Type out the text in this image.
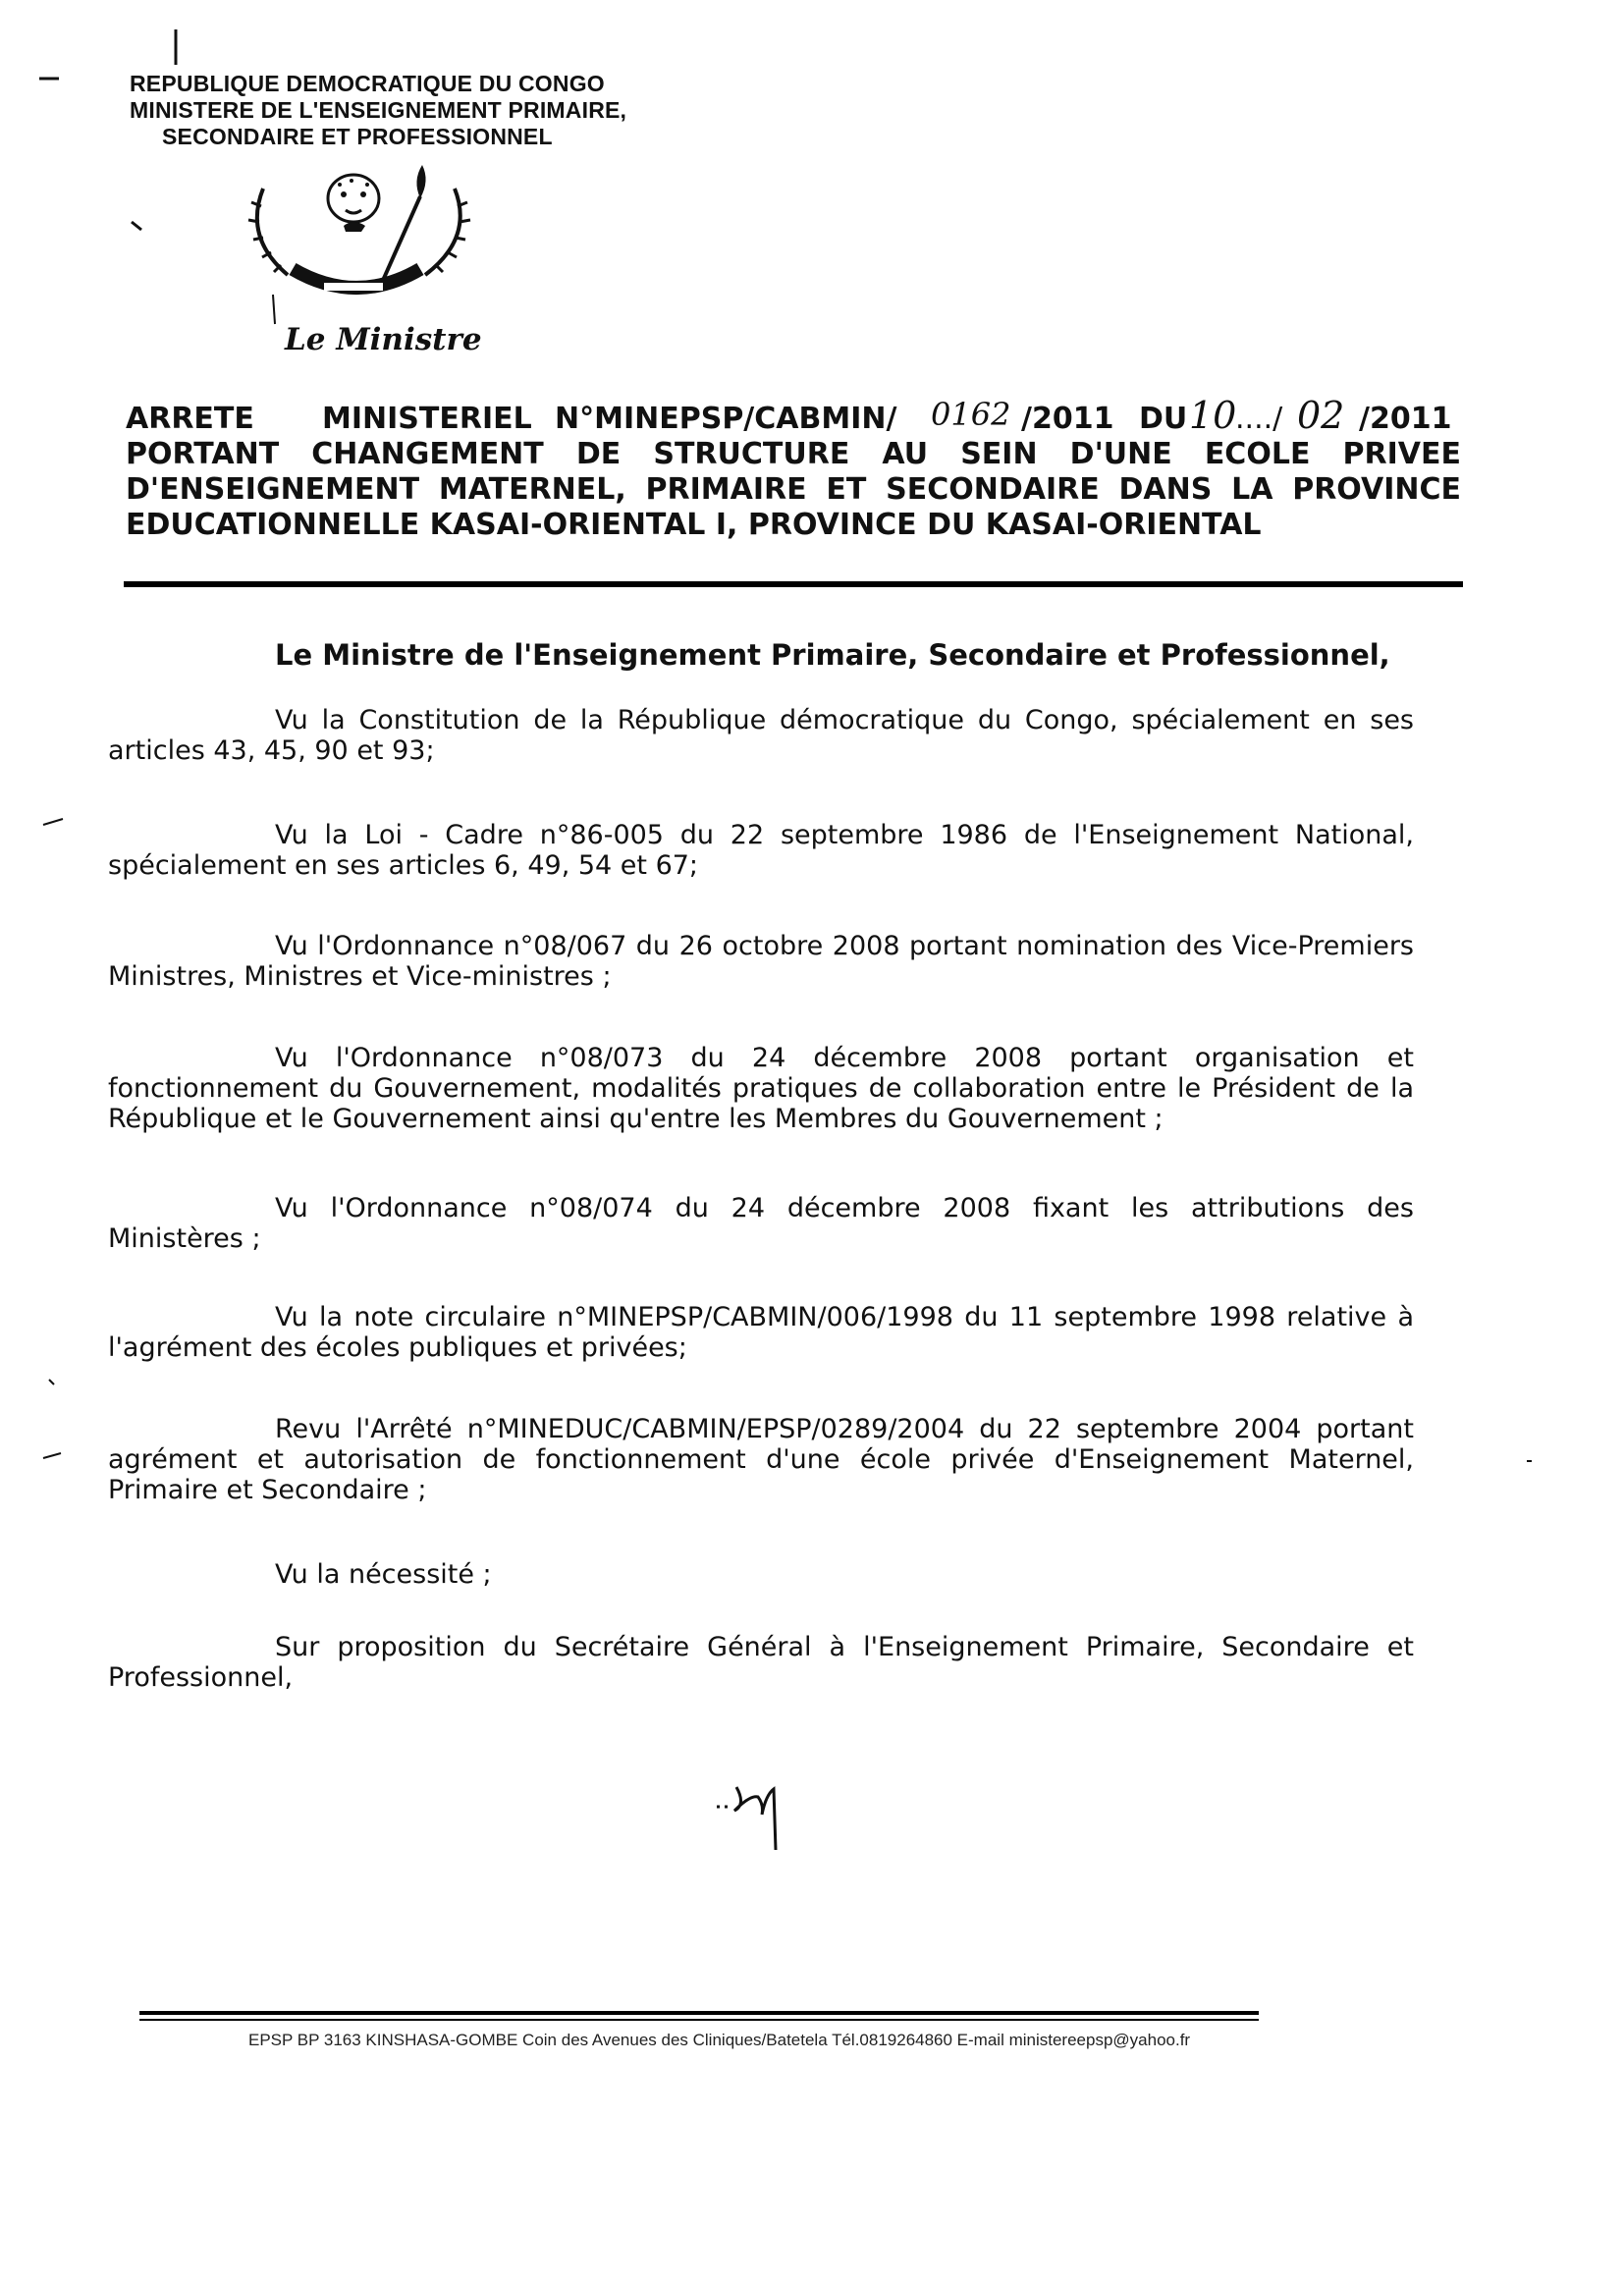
REPUBLIQUE DEMOCRATIQUE DU CONGO
MINISTERE DE L'ENSEIGNEMENT PRIMAIRE,
SECONDAIRE ET PROFESSIONNEL
Le Ministre
ARRETE MINISTERIEL N°MINEPSP/CABMIN/ 0162 /2011 DU 10
..../ 02 /2011
PORTANT CHANGEMENT DE STRUCTURE AU SEIN D'UNE ECOLE PRIVEE
D'ENSEIGNEMENT MATERNEL, PRIMAIRE ET SECONDAIRE DANS LA PROVINCE
EDUCATIONNELLE KASAI-ORIENTAL I, PROVINCE DU KASAI-ORIENTAL
Le Ministre de l'Enseignement Primaire, Secondaire et Professionnel,
Vu la Constitution de la République démocratique du Congo, spécialement en ses articles 43, 45, 90 et 93;
Vu la Loi - Cadre n°86-005 du 22 septembre 1986 de l'Enseignement National, spécialement en ses articles 6, 49, 54 et 67;
Vu l'Ordonnance n°08/067 du 26 octobre 2008 portant nomination des Vice-Premiers Ministres, Ministres et Vice-ministres ;
Vu l'Ordonnance n°08/073 du 24 décembre 2008 portant organisation et fonctionnement du Gouvernement, modalités pratiques de collaboration entre le Président de la République et le Gouvernement ainsi qu'entre les Membres du Gouvernement ;
Vu l'Ordonnance n°08/074 du 24 décembre 2008 fixant les attributions des Ministères ;
Vu la note circulaire n°MINEPSP/CABMIN/006/1998 du 11 septembre 1998 relative à l'agrément des écoles publiques et privées;
Revu l'Arrêté n°MINEDUC/CABMIN/EPSP/0289/2004 du 22 septembre 2004 portant agrément et autorisation de fonctionnement d'une école privée d'Enseignement Maternel, Primaire et Secondaire ;
Vu la nécessité ;
Sur proposition du Secrétaire Général à l'Enseignement Primaire, Secondaire et Professionnel,
EPSP BP 3163 KINSHASA-GOMBE Coin des Avenues des Cliniques/Batetela Tél.0819264860 E-mail ministereepsp@yahoo.fr
